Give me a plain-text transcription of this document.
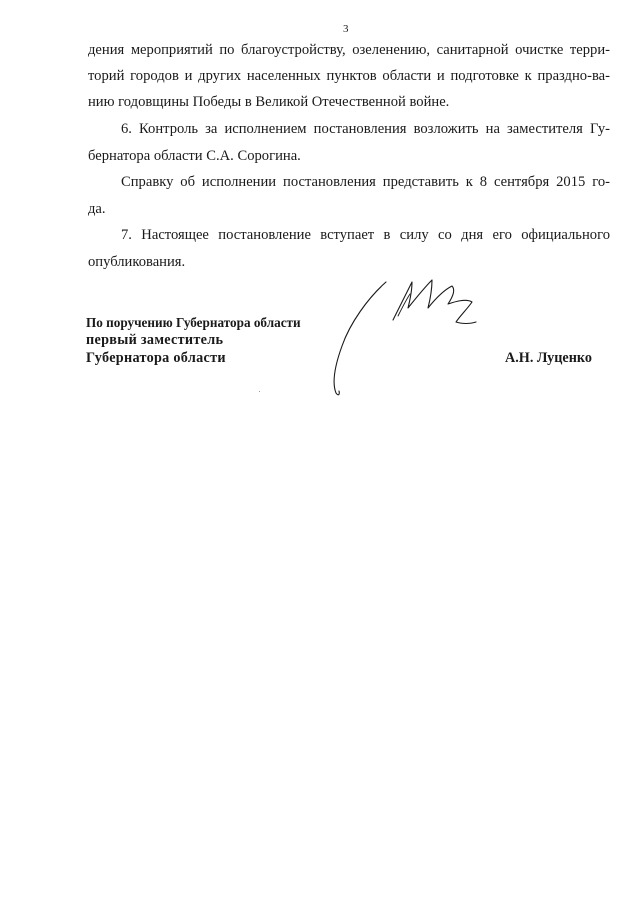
3
дения мероприятий по благоустройству, озеленению, санитарной очистке терри-
торий городов и других населенных пунктов области и подготовке к праздно-ва-
нию годовщины Победы в Великой Отечественной войне.
6. Контроль за исполнением постановления возложить на заместителя Гу-
бернатора области С.А. Сорогина.
Справку об исполнении постановления представить к 8 сентября 2015 го-
да.
7. Настоящее постановление вступает в силу со дня его официального
опубликования.
По поручению Губернатора области
первый заместитель
Губернатора области	А.Н. Луценко
